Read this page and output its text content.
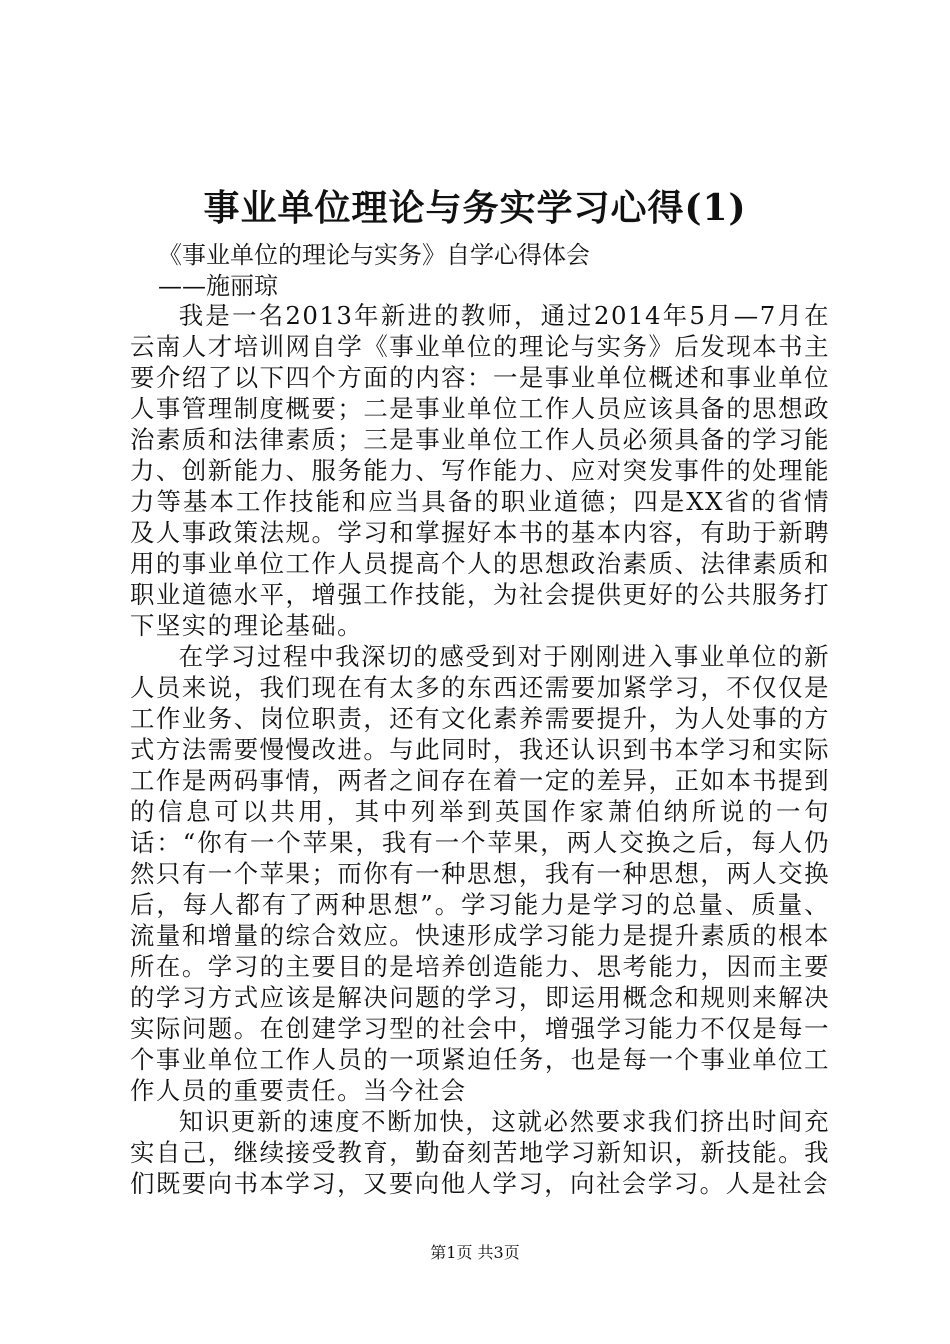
事业单位理论与务实学习心得(1)
《事业单位的理论与实务》自学心得体会
——施丽琼

我是一名2013年新进的教师，通过2014年5月—7月在云南人才培训网自学《事业单位的理论与实务》后发现本书主要介绍了以下四个方面的内容：一是事业单位概述和事业单位人事管理制度概要；二是事业单位工作人员应该具备的思想政治素质和法律素质；三是事业单位工作人员必须具备的学习能力、创新能力、服务能力、写作能力、应对突发事件的处理能力等基本工作技能和应当具备的职业道德；四是XX省的省情及人事政策法规。学习和掌握好本书的基本内容，有助于新聘用的事业单位工作人员提高个人的思想政治素质、法律素质和职业道德水平，增强工作技能，为社会提供更好的公共服务打下坚实的理论基础。

在学习过程中我深切的感受到对于刚刚进入事业单位的新人员来说，我们现在有太多的东西还需要加紧学习，不仅仅是工作业务、岗位职责，还有文化素养需要提升，为人处事的方式方法需要慢慢改进。与此同时，我还认识到书本学习和实际工作是两码事情，两者之间存在着一定的差异，正如本书提到的信息可以共用，其中列举到英国作家萧伯纳所说的一句话：“你有一个苹果，我有一个苹果，两人交换之后，每人仍然只有一个苹果；而你有一种思想，我有一种思想，两人交换后，每人都有了两种思想”。学习能力是学习的总量、质量、流量和增量的综合效应。快速形成学习能力是提升素质的根本所在。学习的主要目的是培养创造能力、思考能力，因而主要的学习方式应该是解决问题的学习，即运用概念和规则来解决实际问题。在创建学习型的社会中，增强学习能力不仅是每一个事业单位工作人员的一项紧迫任务，也是每一个事业单位工作人员的重要责任。当今社会

知识更新的速度不断加快，这就必然要求我们挤出时间充实自己，继续接受教育，勤奋刻苦地学习新知识，新技能。我们既要向书本学习，又要向他人学习，向社会学习。人是社会

第1页 共3页
